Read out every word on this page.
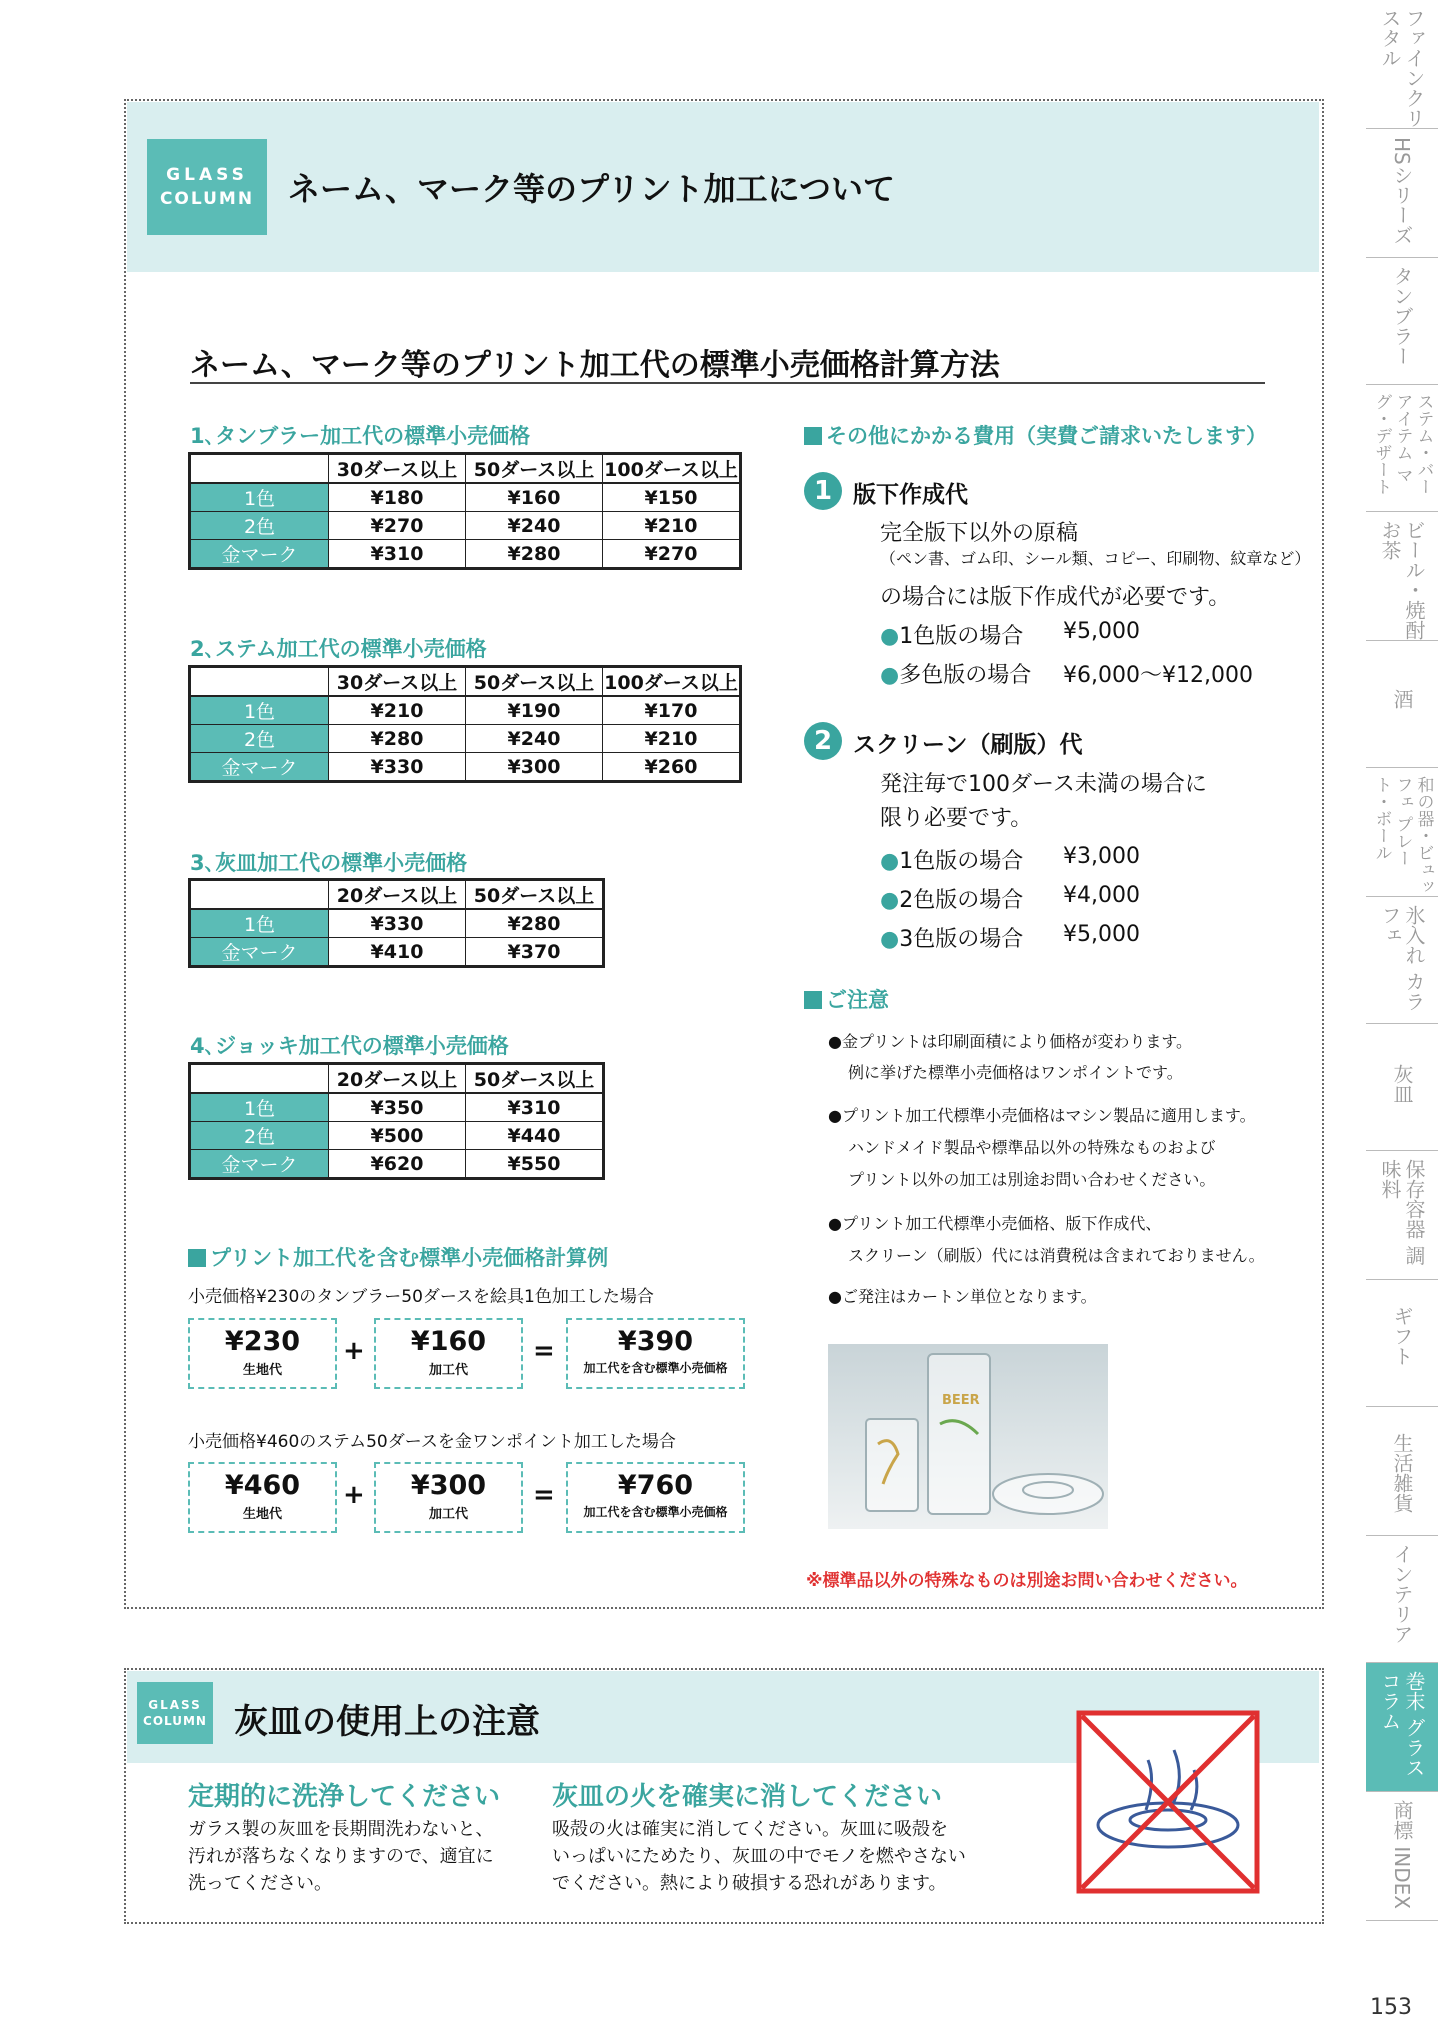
ファインクリスタル
HSシリーズ
タンブラー
ステム・バーアイテム マグ・デザート
ビール・焼酎 お茶
酒
和の器・ビュッフェ プレート・ボール
氷入れ カラフェ
灰皿
保存容器 調味料
ギフト
生活雑貨
インテリア
巻末 グラスコラム
商標 INDEX
153
GLASS
COLUMN	ネーム、マーク等のプリント加工について
ネーム、マーク等のプリント加工代の標準小売価格計算方法
1､タンブラー加工代の標準小売価格
	30ダース以上	50ダース以上	100ダース以上
1色	¥180	¥160	¥150
2色	¥270	¥240	¥210
金マーク	¥310	¥280	¥270
2､ステム加工代の標準小売価格
	30ダース以上	50ダース以上	100ダース以上
1色	¥210	¥190	¥170
2色	¥280	¥240	¥210
金マーク	¥330	¥300	¥260
3､灰皿加工代の標準小売価格
	20ダース以上	50ダース以上
1色	¥330	¥280
金マーク	¥410	¥370
4､ジョッキ加工代の標準小売価格
	20ダース以上	50ダース以上
1色	¥350	¥310
2色	¥500	¥440
金マーク	¥620	¥550
プリント加工代を含む標準小売価格計算例
小売価格¥230のタンブラー50ダースを絵具1色加工した場合
¥230
生地代
+	¥160
加工代
=	¥390
加工代を含む標準小売価格
小売価格¥460のステム50ダースを金ワンポイント加工した場合
¥460
生地代
+	¥300
加工代
=	¥760
加工代を含む標準小売価格
その他にかかる費用（実費ご請求いたします）
1 版下作成代
完全版下以外の原稿
（ペン書、ゴム印、シール類、コピー、印刷物、紋章など）
の場合には版下作成代が必要です。
●1色版の場合 ¥5,000
●多色版の場合 ¥6,000〜¥12,000
2 スクリーン（刷版）代
発注毎で100ダース未満の場合に
限り必要です。
●1色版の場合 ¥3,000
●2色版の場合 ¥4,000
●3色版の場合 ¥5,000
ご注意
●金プリントは印刷面積により価格が変わります。
例に挙げた標準小売価格はワンポイントです。
●プリント加工代標準小売価格はマシン製品に適用します。
ハンドメイド製品や標準品以外の特殊なものおよび
プリント以外の加工は別途お問い合わせください。
●プリント加工代標準小売価格、版下作成代、
スクリーン（刷版）代には消費税は含まれておりません。
●ご発注はカートン単位となります。
BEER
※標準品以外の特殊なものは別途お問い合わせください。
GLASS
COLUMN 灰皿の使用上の注意
定期的に洗浄してください
ガラス製の灰皿を長期間洗わないと、
汚れが落ちなくなりますので、適宜に
洗ってください。
灰皿の火を確実に消してください
吸殻の火は確実に消してください。灰皿に吸殻を
いっぱいにためたり、灰皿の中でモノを燃やさない
でください。熱により破損する恐れがあります。
